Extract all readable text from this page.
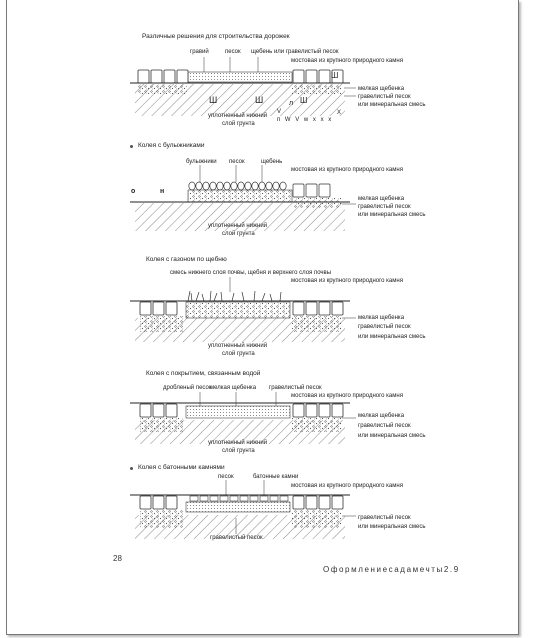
Различные решения для строительства дорожек
гравий	песок щебень или гравелистый песок
мостовая из крупного природного камня
мелкая щебенка
гравелистый песок
или минеральная смесь
уплотненный нижний
слой грунта
Ш	Ш
Ш
л Ш
V
п W V w x x x
X
Колея с булыжниками
булыжники песок	щебень
мостовая из крупного природного камня
о	н
мелкая щебенка
гравелистый песок
или минеральная смесь
уплотненный нижний
слой грунта
Колея с газоном по щебню
смесь нижнего слоя почвы, щебня и верхнего слоя почвы
мостовая из крупного природного камня
мелкая щебенка
гравелистый песок
или минеральная смесь
уплотненный нижний
слой грунта
Колея с покрытием, связанным водой
дробленый песок
мелкая щебенка гравелистый песок
мостовая из крупного природного камня
мелкая щебенка
гравелистый песок
или минеральная смесь
уплотненный нижний
слой грунта
Колея с батонными камнями
песок	батонные камни
мостовая из крупного природного камня
гравелистый песок
или минеральная смесь
гравелистый песок
28
Оформлениесадамечты2.9
